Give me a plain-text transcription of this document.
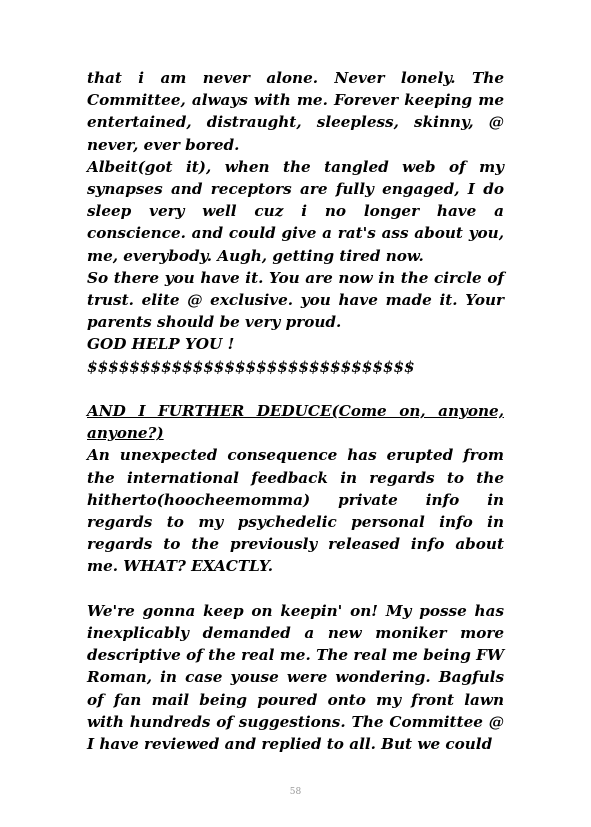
that i am never alone. Never lonely. The Committee, always with me. Forever keeping me entertained, distraught, sleepless, skinny, @ never, ever bored.

Albeit(got it), when the tangled web of my synapses and receptors are fully engaged, I do sleep very well cuz i no longer have a conscience. and could give a rat's ass about you, me, everybody. Augh, getting tired now.

So there you have it. You are now in the circle of trust. elite @ exclusive. you have made it. Your parents should be very proud.

GOD HELP YOU !

$$$$$$$$$$$$$$$$$$$$$$$$$$$$$$$

AND I FURTHER DEDUCE(Come on, anyone, anyone?)

An unexpected consequence has erupted from the international feedback in regards to the hitherto(hoocheemomma) private info in regards to my psychedelic personal info in regards to the previously released info about me. WHAT? EXACTLY.

We're gonna keep on keepin' on! My posse has inexplicably demanded a new moniker more descriptive of the real me. The real me being FW Roman, in case youse were wondering. Bagfuls of fan mail being poured onto my front lawn with hundreds of suggestions. The Committee @ I have reviewed and replied to all. But we could

58
